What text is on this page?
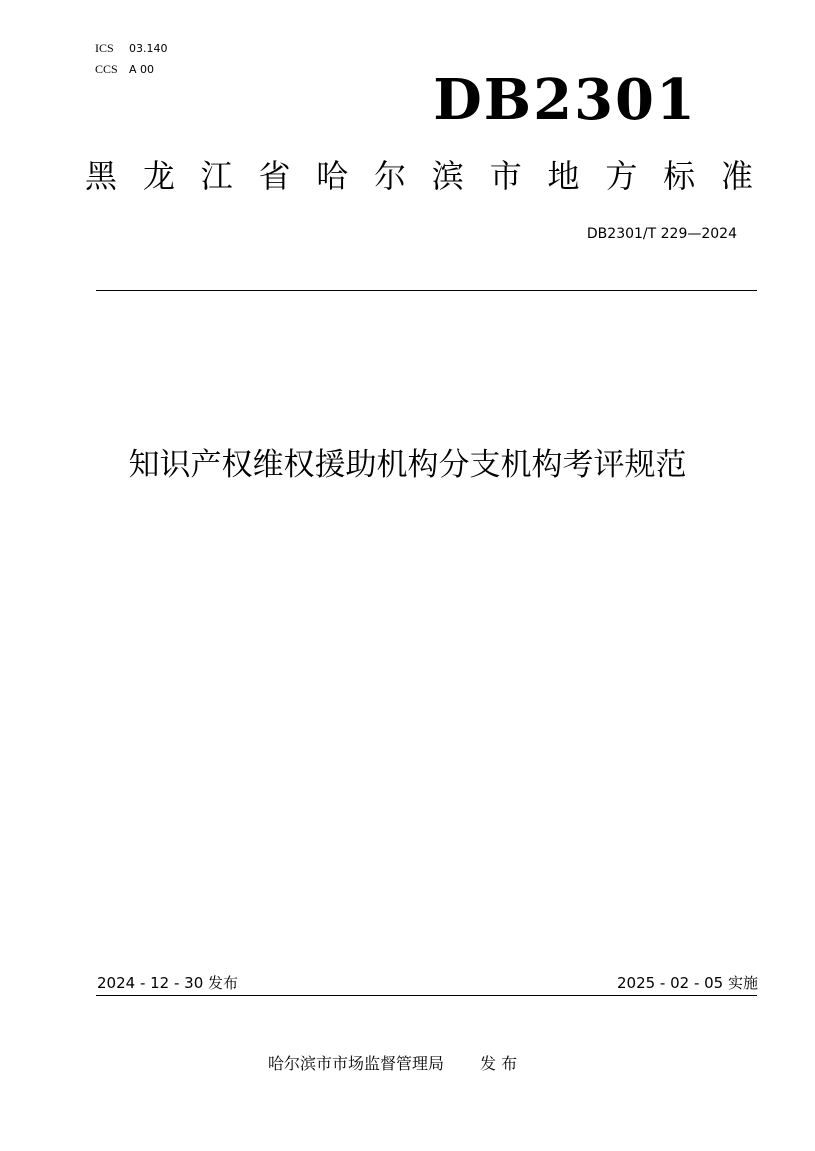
ICS 03.140
CCS A 00	DB2301
黑 龙 江 省 哈 尔 滨 市 地 方 标 准
DB2301/T 229—2024
知识产权维权援助机构分支机构考评规范
2024 - 12 - 30 发布	2025 - 02 - 05 实施
哈尔滨市市场监督管理局 发 布
